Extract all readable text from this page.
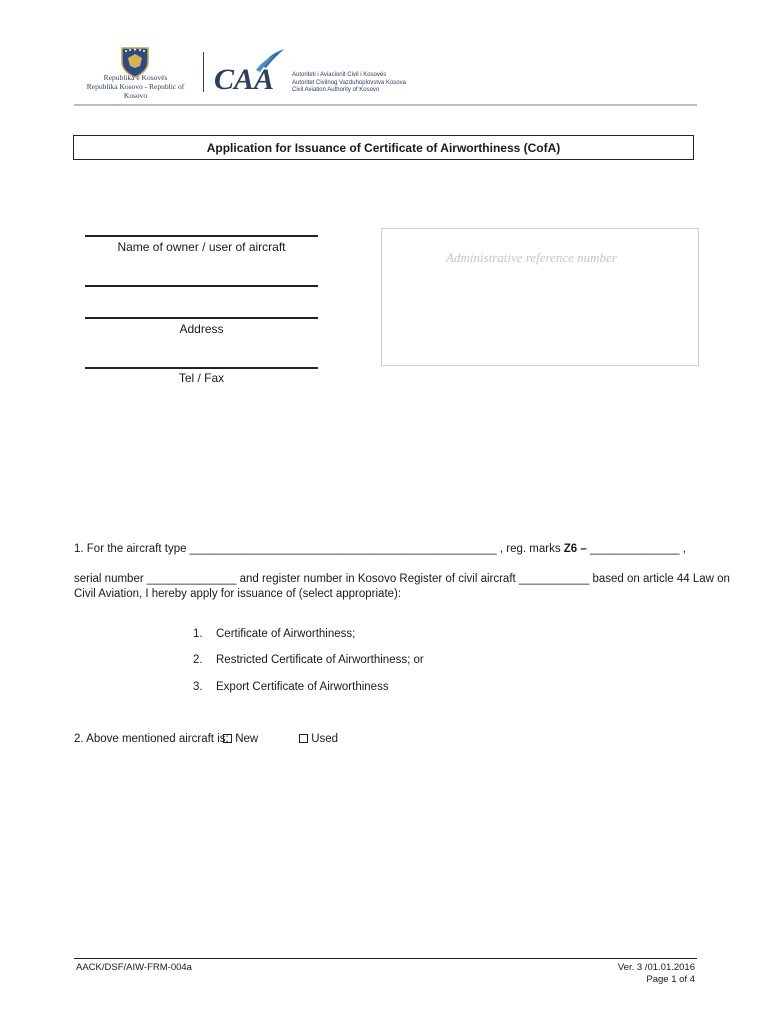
Republika e Kosovës
Republika Kosovo - Republic of Kosovo	CAA	Autoriteti i Aviacionit Civil i Kosovës
Autoritet Civilnog Vazduhoplovstva Kosova
Civil Aviation Authority of Kosovo
Application for Issuance of Certificate of Airworthiness (CofA)
Name of owner / user of aircraft
Address
Tel / Fax
Administrative reference number
1. For the aircraft type ________________________________________________ , reg. marks Z6 – ______________ ,
serial number ______________ and register number in Kosovo Register of civil aircraft ___________ based on article 44 Law on
Civil Aviation, I hereby apply for issuance of (select appropriate):
1. Certificate of Airworthiness;
2. Restricted Certificate of Airworthiness; or
3. Export Certificate of Airworthiness
2. Above mentioned aircraft is: New	Used
AACK/DSF/AIW-FRM-004a	Ver. 3 /01.01.2016
Page 1 of 4
